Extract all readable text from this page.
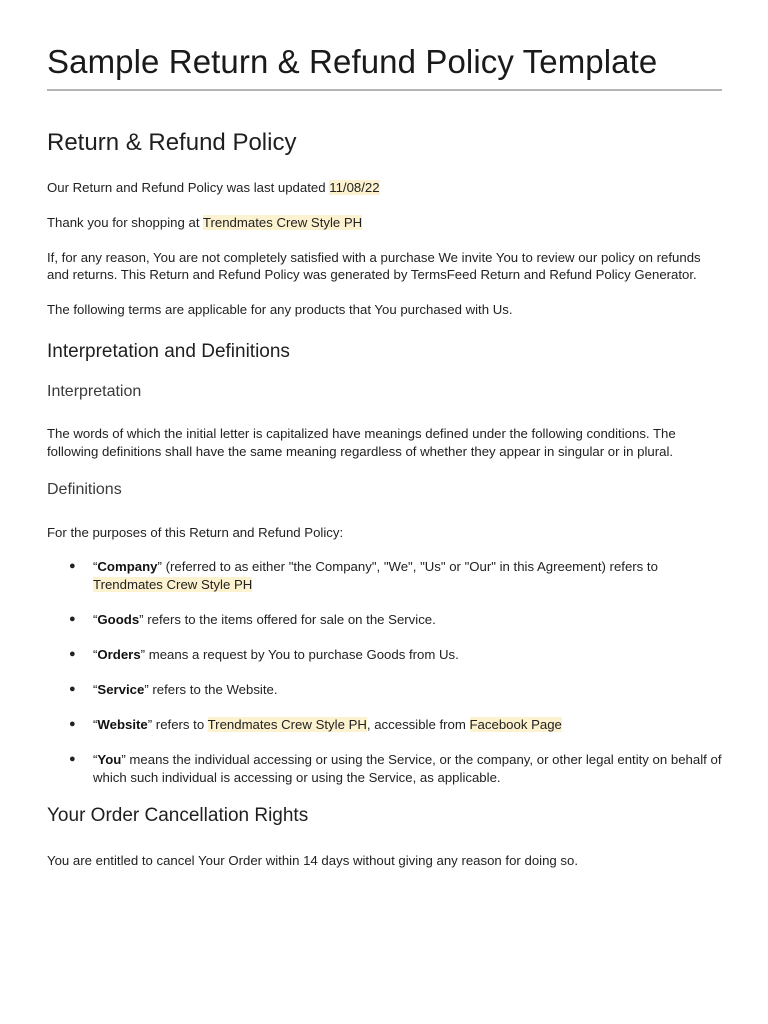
Sample Return & Refund Policy Template
Return & Refund Policy

Our Return and Refund Policy was last updated 11/08/22

Thank you for shopping at Trendmates Crew Style PH

If, for any reason, You are not completely satisfied with a purchase We invite You to review our policy on refunds and returns. This Return and Refund Policy was generated by TermsFeed Return and Refund Policy Generator.

The following terms are applicable for any products that You purchased with Us.

Interpretation and Definitions
Interpretation

The words of which the initial letter is capitalized have meanings defined under the following conditions. The following definitions shall have the same meaning regardless of whether they appear in singular or in plural.

Definitions

For the purposes of this Return and Refund Policy:

● “Company” (referred to as either "the Company", "We", "Us" or "Our" in this Agreement) refers to Trendmates Crew Style PH
● “Goods” refers to the items offered for sale on the Service.
● “Orders” means a request by You to purchase Goods from Us.
● “Service” refers to the Website.
● “Website” refers to Trendmates Crew Style PH, accessible from Facebook Page
● “You” means the individual accessing or using the Service, or the company, or other legal entity on behalf of which such individual is accessing or using the Service, as applicable.
Your Order Cancellation Rights

You are entitled to cancel Your Order within 14 days without giving any reason for doing so.
